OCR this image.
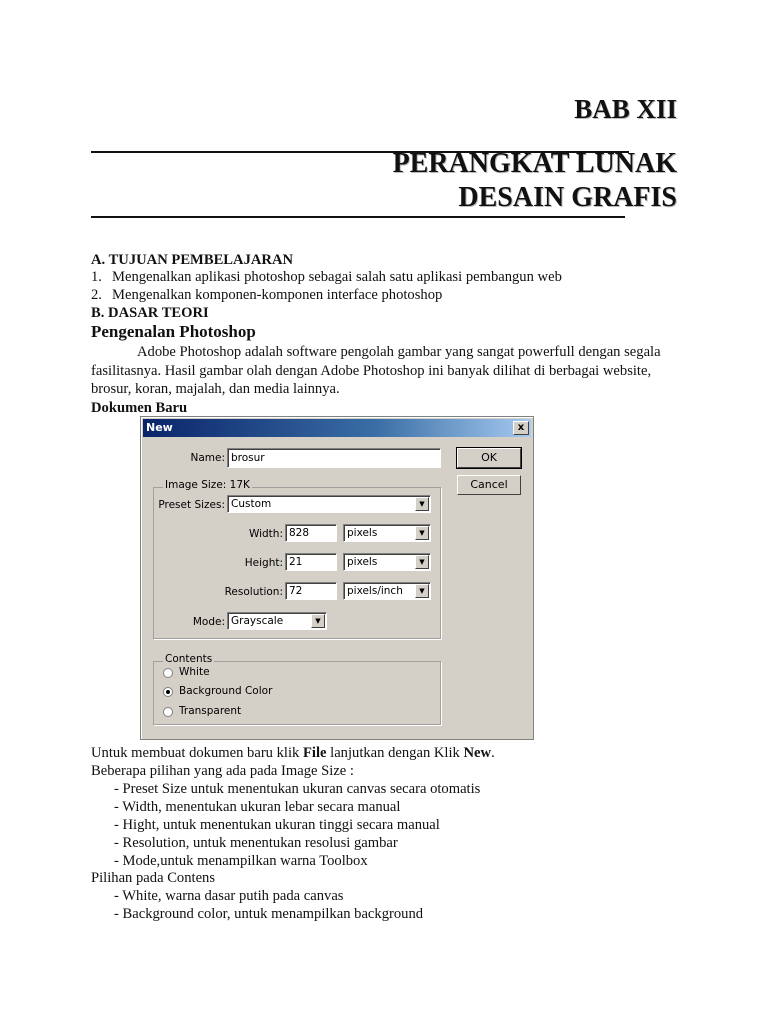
BAB XII
PERANGKAT LUNAK
DESAIN GRAFIS
A. TUJUAN PEMBELAJARAN
1. Mengenalkan aplikasi photoshop sebagai salah satu aplikasi pembangun web
2. Mengenalkan komponen-komponen interface photoshop
B. DASAR TEORI
Pengenalan Photoshop
Adobe Photoshop adalah software pengolah gambar yang sangat powerfull dengan segala fasilitasnya. Hasil gambar olah dengan Adobe Photoshop ini banyak dilihat di berbagai website, brosur, koran, majalah, dan media lainnya.
Dokumen Baru
New	x
Name: brosur	OK
Cancel
Image Size: 17K
Preset Sizes: Custom	▼
Width: 828	pixels	▼
Height: 21	pixels	▼
Resolution: 72	pixels/inch	▼
Mode: Grayscale	▼
Contents
White
Background Color
Transparent
Untuk membuat dokumen baru klik File lanjutkan dengan Klik New.
Beberapa pilihan yang ada pada Image Size :
- Preset Size untuk menentukan ukuran canvas secara otomatis
- Width, menentukan ukuran lebar secara manual
- Hight, untuk menentukan ukuran tinggi secara manual
- Resolution, untuk menentukan resolusi gambar
- Mode,untuk menampilkan warna Toolbox
Pilihan pada Contens
- White, warna dasar putih pada canvas
- Background color, untuk menampilkan background
